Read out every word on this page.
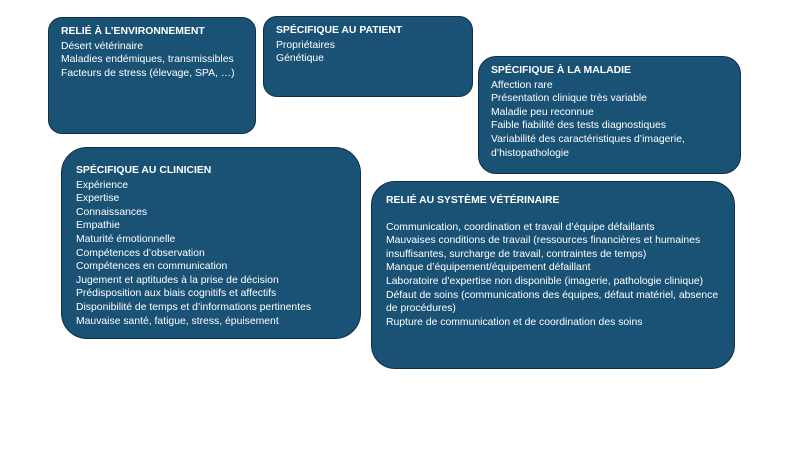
RELIÉ À L’ENVIRONNEMENT
Désert vétérinaire
Maladies endémiques, transmissibles
Facteurs de stress (élevage, SPA, …)
SPÉCIFIQUE AU PATIENT
Propriétaires
Génétique
SPÉCIFIQUE À LA MALADIE
Affection rare
Présentation clinique très variable
Maladie peu reconnue
Faible fiabilité des tests diagnostiques
Variabilité des caractéristiques d’imagerie, d’histopathologie
SPÉCIFIQUE AU CLINICIEN
Expérience
Expertise
Connaissances
Empathie
Maturité émotionnelle
Compétences d’observation
Compétences en communication
Jugement et aptitudes à la prise de décision
Prédisposition aux biais cognitifs et affectifs
Disponibilité de temps et d’informations pertinentes
Mauvaise santé, fatigue, stress, épuisement
RELIÉ AU SYSTÈME VÉTÉRINAIRE
Communication, coordination et travail d’équipe défaillants
Mauvaises conditions de travail (ressources financières et humaines insuffisantes, surcharge de travail, contraintes de temps)
Manque d’équipement/équipement défaillant
Laboratoire d’expertise non disponible (imagerie, pathologie clinique)
Défaut de soins (communications des équipes, défaut matériel, absence de procédures)
Rupture de communication et de coordination des soins
